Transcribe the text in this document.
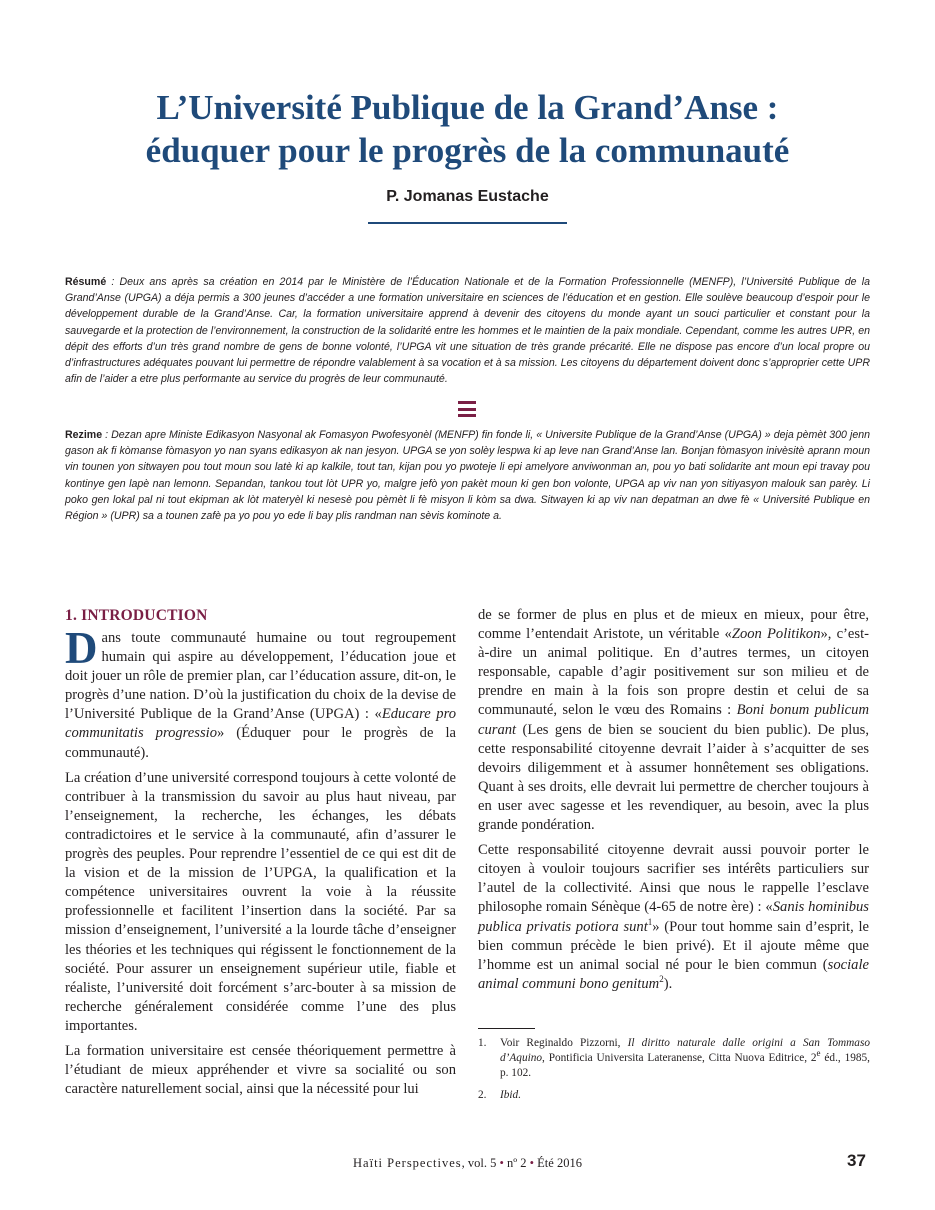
L’Université Publique de la Grand’Anse :
éduquer pour le progrès de la communauté
P. Jomanas Eustache
Résumé : Deux ans après sa création en 2014 par le Ministère de l’Éducation Nationale et de la Formation Professionnelle (MENFP), l’Université Publique de la Grand’Anse (UPGA) a déja permis a 300 jeunes d’accéder a une formation universitaire en sciences de l’éducation et en gestion. Elle soulève beaucoup d’espoir pour le développement durable de la Grand’Anse. Car, la formation universitaire apprend à devenir des citoyens du monde ayant un souci particulier et constant pour la sauvegarde et la protection de l’environnement, la construction de la solidarité entre les hommes et le maintien de la paix mondiale. Cependant, comme les autres UPR, en dépit des efforts d’un très grand nombre de gens de bonne volonté, l’UPGA vit une situation de très grande précarité. Elle ne dispose pas encore d’un local propre ou d’infrastructures adéquates pouvant lui permettre de répondre valablement à sa vocation et à sa mission. Les citoyens du département doivent donc s’approprier cette UPR afin de l’aider a etre plus performante au service du progrès de leur communauté.
Rezime : Dezan apre Ministe Edikasyon Nasyonal ak Fomasyon Pwofesyonèl (MENFP) fin fonde li, « Universite Publique de la Grand’Anse (UPGA) » deja pèmèt 300 jenn gason ak fi kòmanse fòmasyon yo nan syans edikasyon ak nan jesyon. UPGA se yon solèy lespwa ki ap leve nan Grand’Anse lan. Bonjan fòmasyon inivèsitè aprann moun vin tounen yon sitwayen pou tout moun sou latè ki ap kalkile, tout tan, kijan pou yo pwoteje li epi amelyore anviwonman an, pou yo bati solidarite ant moun epi travay pou kontinye gen lapè nan lemonn. Sepandan, tankou tout lòt UPR yo, malgre jefò yon pakèt moun ki gen bon volonte, UPGA ap viv nan yon sitiyasyon malouk san parèy. Li poko gen lokal pal ni tout ekipman ak lòt materyèl ki nesesè pou pèmèt li fè misyon li kòm sa dwa. Sitwayen ki ap viv nan depatman an dwe fè « Université Publique en Région » (UPR) sa a tounen zafè pa yo pou yo ede li bay plis randman nan sèvis kominote a.
1. INTRODUCTION

Dans toute communauté humaine ou tout regroupement humain qui aspire au développement, l’éducation joue et doit jouer un rôle de premier plan, car l’éducation assure, dit-on, le progrès d’une nation. D’où la justification du choix de la devise de l’Université Publique de la Grand’Anse (UPGA) : «Educare pro communitatis progressio» (Éduquer pour le progrès de la communauté).

La création d’une université correspond toujours à cette volonté de contribuer à la transmission du savoir au plus haut niveau, par l’enseignement, la recherche, les échanges, les débats contradictoires et le service à la communauté, afin d’assurer le progrès des peuples. Pour reprendre l’essentiel de ce qui est dit de la vision et de la mission de l’UPGA, la qualification et la compétence universitaires ouvrent la voie à la réussite professionnelle et facilitent l’insertion dans la société. Par sa mission d’enseignement, l’université a la lourde tâche d’enseigner les théories et les techniques qui régissent le fonctionnement de la société. Pour assurer un enseignement supérieur utile, fiable et réaliste, l’université doit forcément s’arc-bouter à sa mission de recherche généralement considérée comme l’une des plus importantes.

La formation universitaire est censée théoriquement permettre à l’étudiant de mieux appréhender et vivre sa socialité ou son caractère naturellement social, ainsi que la nécessité pour lui

de se former de plus en plus et de mieux en mieux, pour être, comme l’entendait Aristote, un véritable «Zoon Politikon», c’est-à-dire un animal politique. En d’autres termes, un citoyen responsable, capable d’agir positivement sur son milieu et de prendre en main à la fois son propre destin et celui de sa communauté, selon le vœu des Romains : Boni bonum publicum curant (Les gens de bien se soucient du bien public). De plus, cette responsabilité citoyenne devrait l’aider à s’acquitter de ses devoirs diligemment et à assumer honnêtement ses obligations. Quant à ses droits, elle devrait lui permettre de chercher toujours à en user avec sagesse et les revendiquer, au besoin, avec la plus grande pondération.

Cette responsabilité citoyenne devrait aussi pouvoir porter le citoyen à vouloir toujours sacrifier ses intérêts particuliers sur l’autel de la collectivité. Ainsi que nous le rappelle l’esclave philosophe romain Sénèque (4-65 de notre ère) : «Sanis hominibus publica privatis potiora sunt$^1$» (Pour tout homme sain d’esprit, le bien commun précède le bien privé). Et il ajoute même que l’homme est un animal social né pour le bien commun (sociale animal communi bono genitum$^2$).

1.	Voir Reginaldo Pizzorni, Il diritto naturale dalle origini a San Tommaso d’Aquino, Pontificia Universita Lateranense, Citta Nuova Editrice, 2e éd., 1985, p. 102.
2.	Ibid.
Haïti Perspectives, vol. 5 • nº 2 • Été 2016	37
